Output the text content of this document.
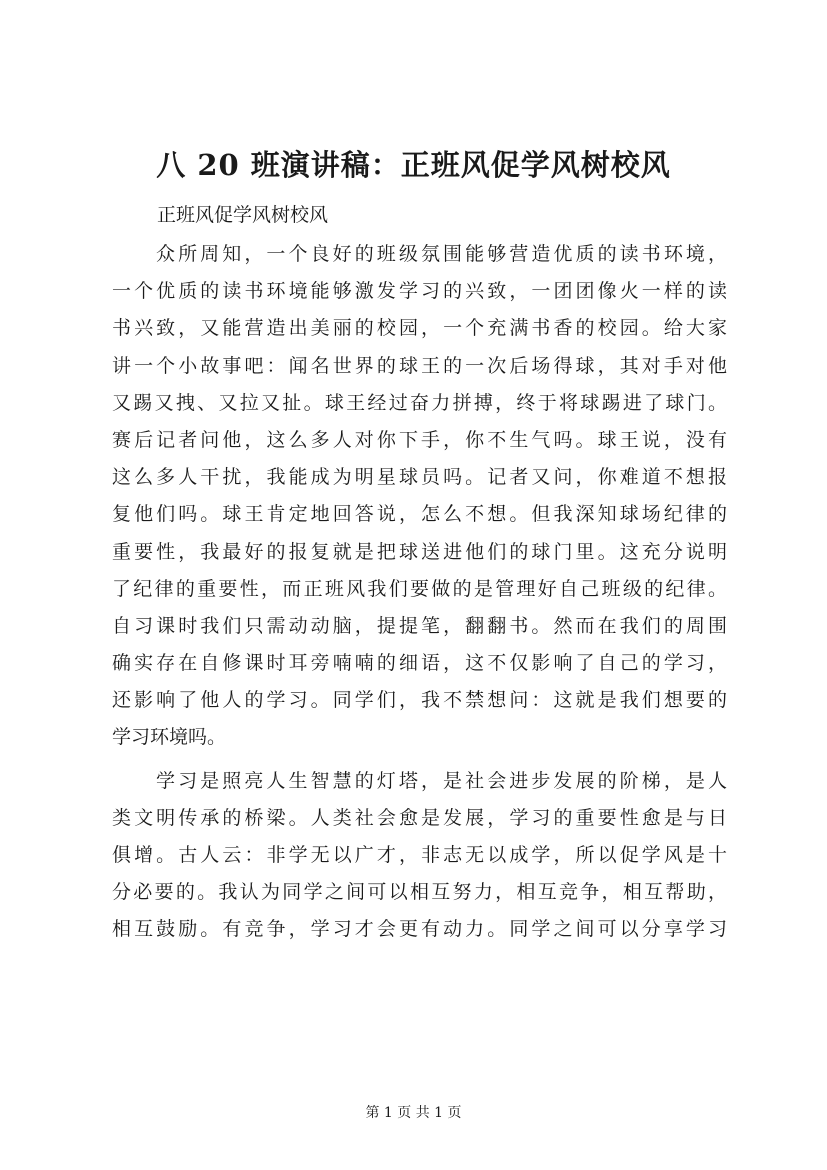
八 20 班演讲稿：正班风促学风树校风
正班风促学风树校风
众所周知，一个良好的班级氛围能够营造优质的读书环境，
一个优质的读书环境能够激发学习的兴致，一团团像火一样的读
书兴致，又能营造出美丽的校园，一个充满书香的校园。给大家
讲一个小故事吧：闻名世界的球王的一次后场得球，其对手对他
又踢又拽、又拉又扯。球王经过奋力拼搏，终于将球踢进了球门。
赛后记者问他，这么多人对你下手，你不生气吗。球王说，没有
这么多人干扰，我能成为明星球员吗。记者又问，你难道不想报
复他们吗。球王肯定地回答说，怎么不想。但我深知球场纪律的
重要性，我最好的报复就是把球送进他们的球门里。这充分说明
了纪律的重要性，而正班风我们要做的是管理好自己班级的纪律。
自习课时我们只需动动脑，提提笔，翻翻书。然而在我们的周围
确实存在自修课时耳旁喃喃的细语，这不仅影响了自己的学习，
还影响了他人的学习。同学们，我不禁想问：这就是我们想要的
学习环境吗。
学习是照亮人生智慧的灯塔，是社会进步发展的阶梯，是人
类文明传承的桥梁。人类社会愈是发展，学习的重要性愈是与日
俱增。古人云：非学无以广才，非志无以成学，所以促学风是十
分必要的。我认为同学之间可以相互努力，相互竞争，相互帮助，
相互鼓励。有竞争，学习才会更有动力。同学之间可以分享学习
第 1 页 共 1 页
